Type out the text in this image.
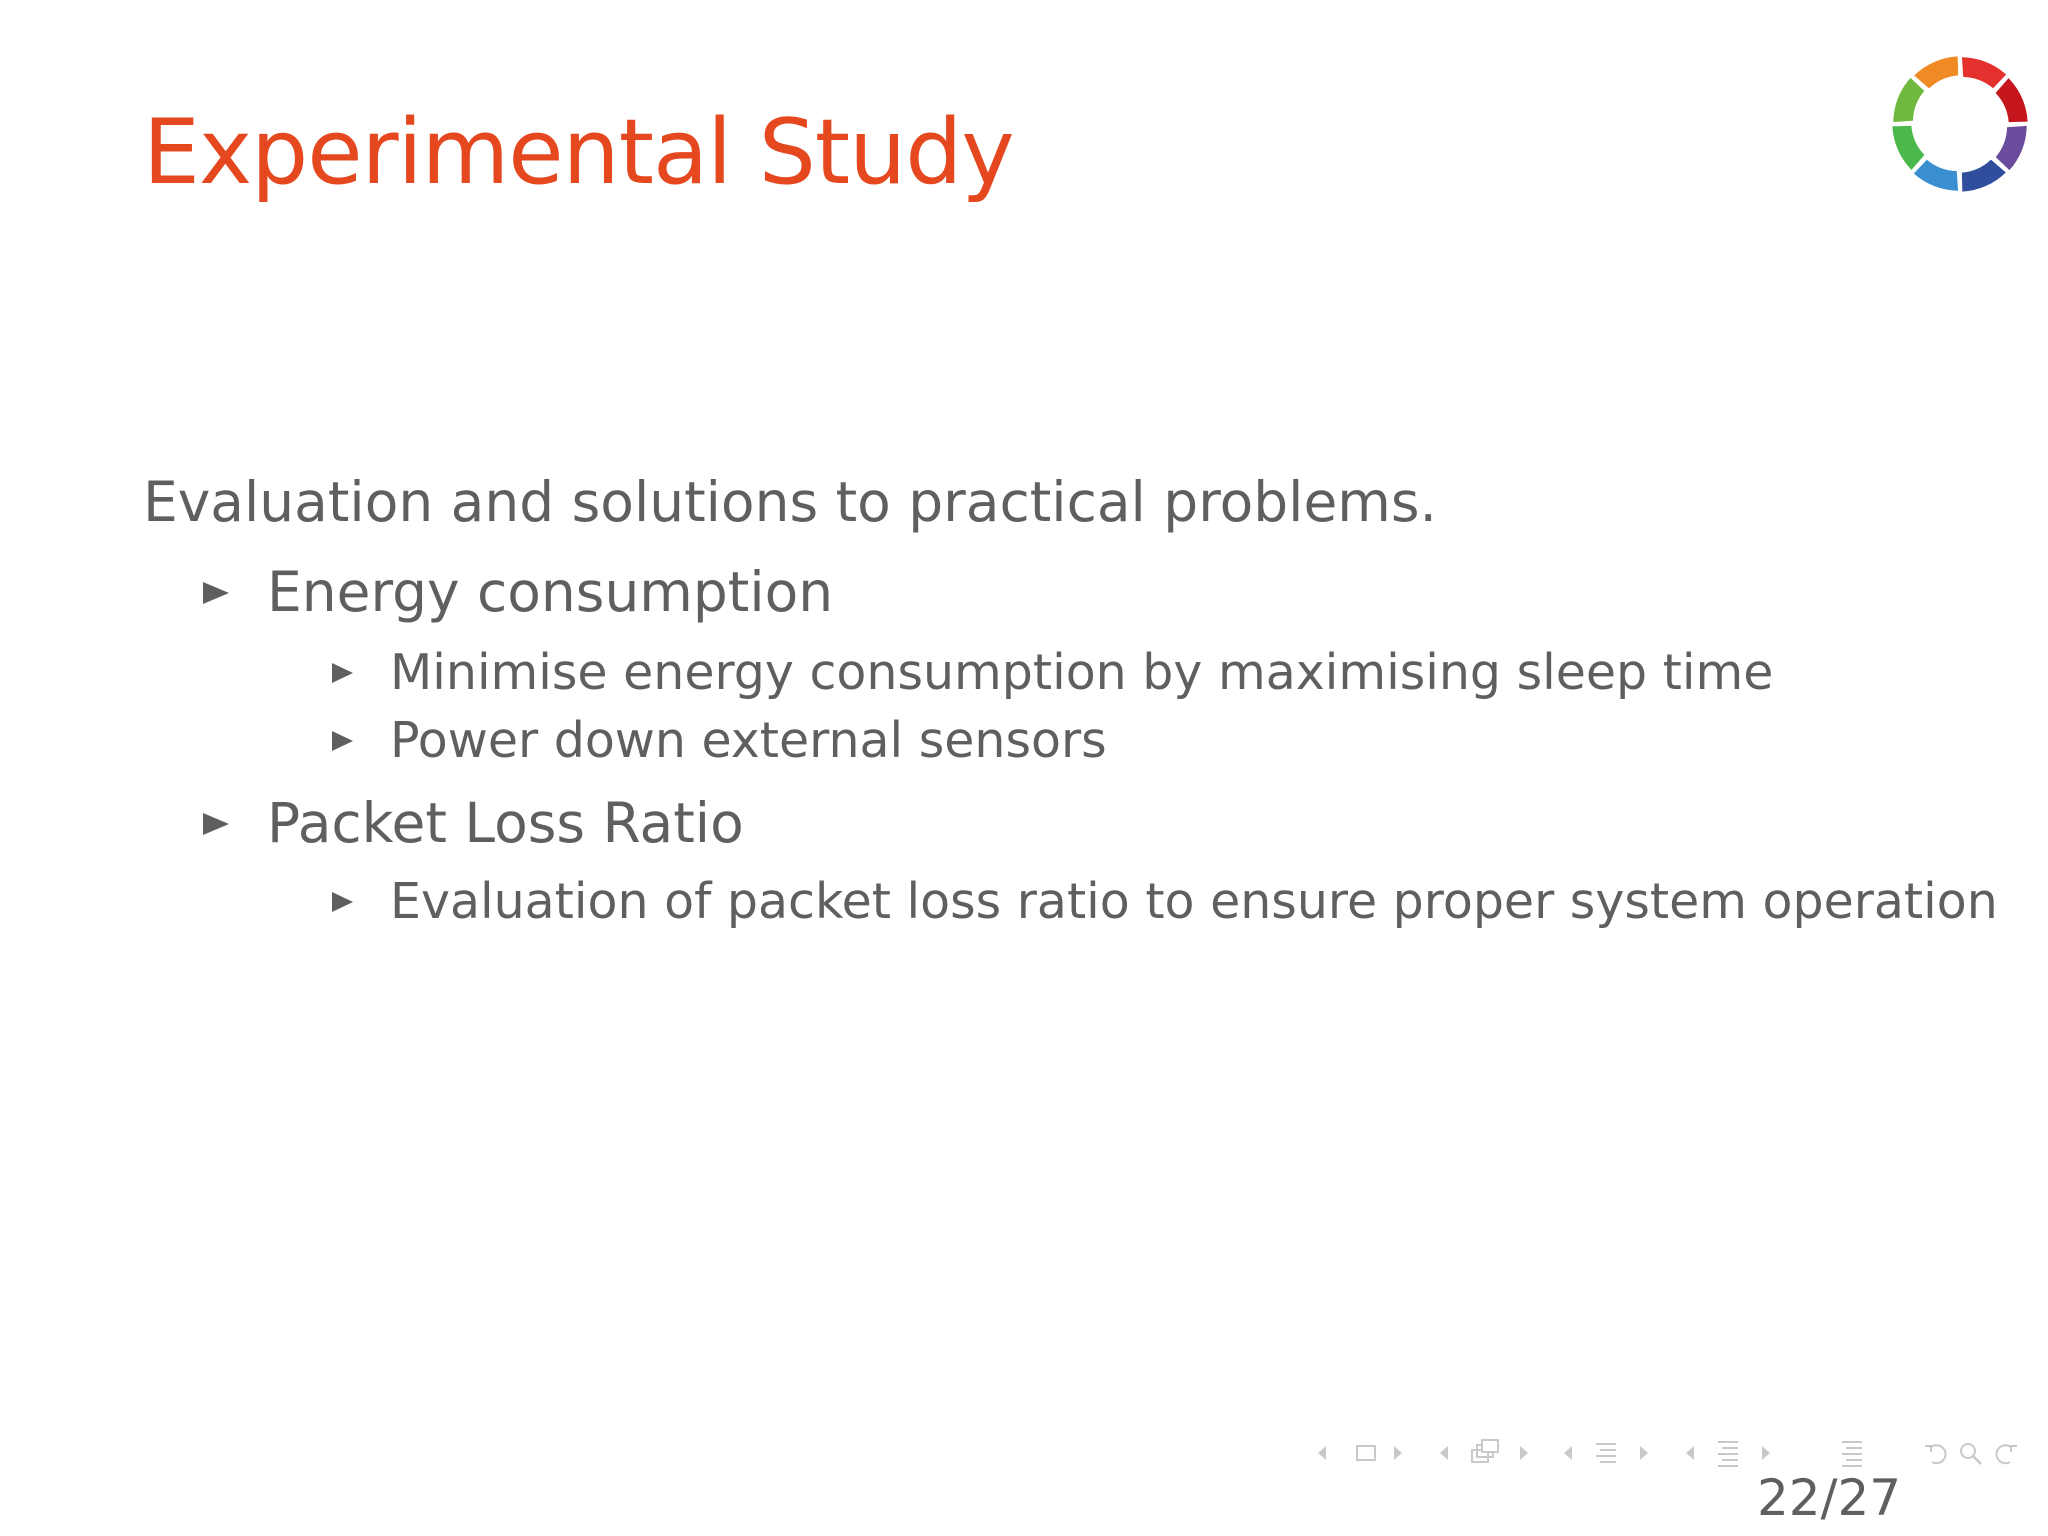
Experimental Study
Evaluation and solutions to practical problems.
Energy consumption
Minimise energy consumption by maximising sleep time
Power down external sensors
Packet Loss Ratio
Evaluation of packet loss ratio to ensure proper system operation
22/27
